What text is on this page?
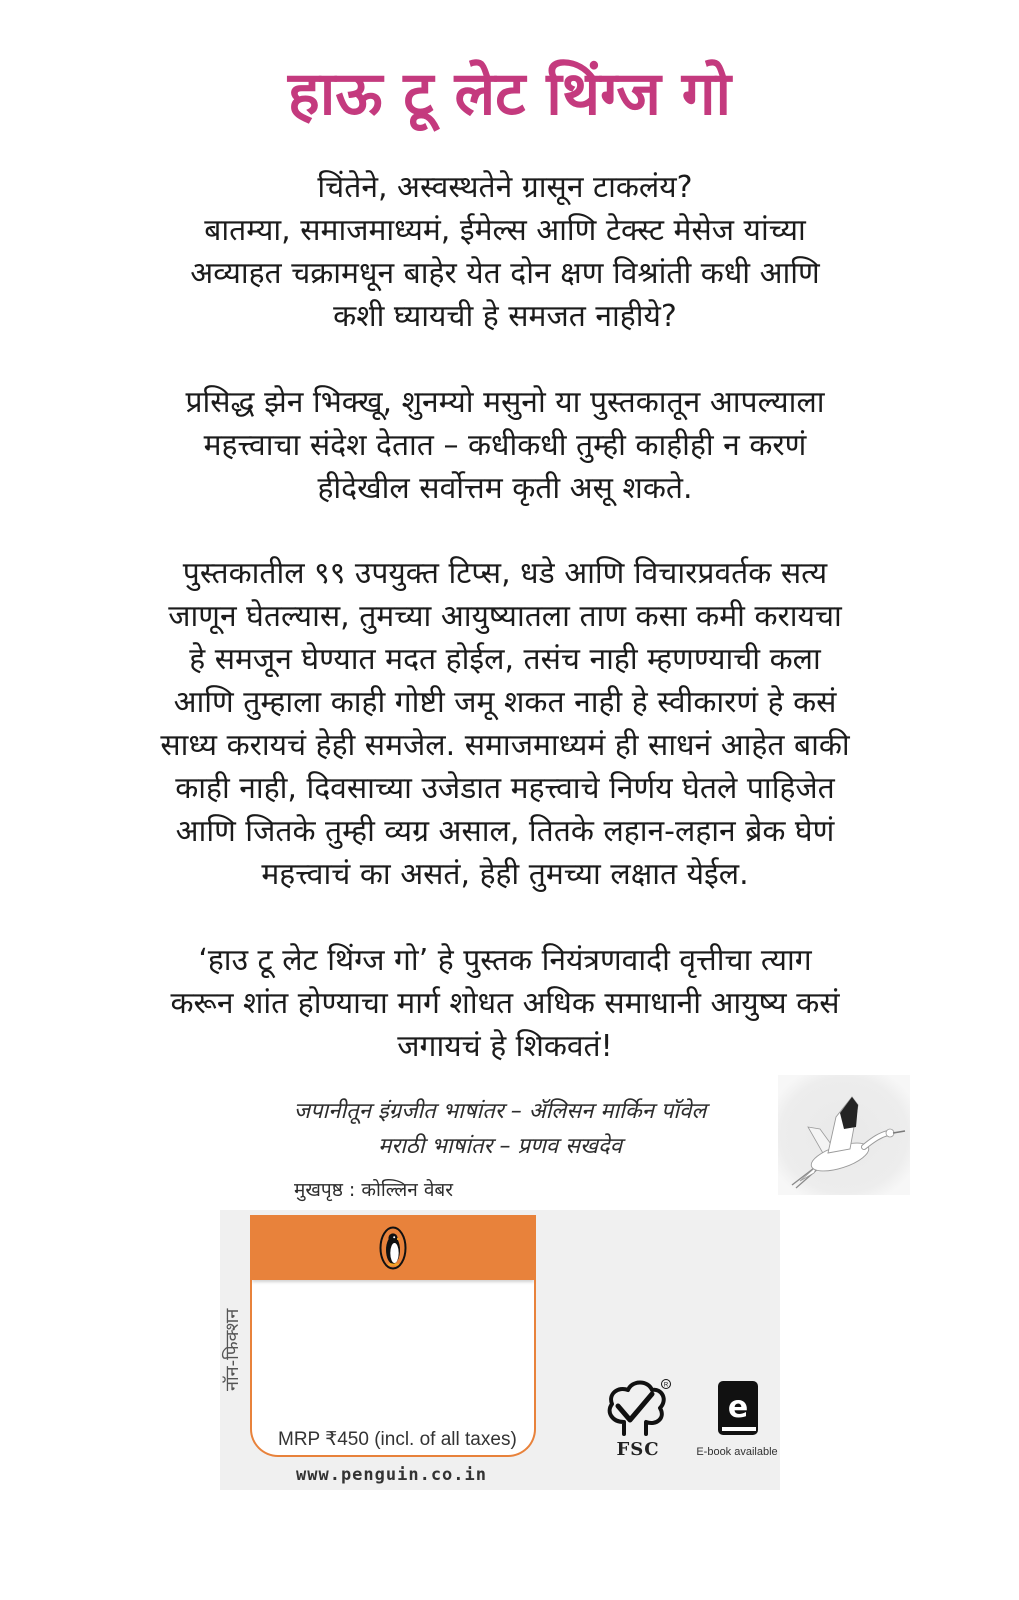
हाऊ टू लेट थिंग्ज गो
चिंतेने, अस्वस्थतेने ग्रासून टाकलंय?
बातम्या, समाजमाध्यमं, ईमेल्स आणि टेक्स्ट मेसेज यांच्या
अव्याहत चक्रामधून बाहेर येत दोन क्षण विश्रांती कधी आणि
कशी घ्यायची हे समजत नाहीये?
प्रसिद्ध झेन भिक्खू, शुनम्यो मसुनो या पुस्तकातून आपल्याला
महत्त्वाचा संदेश देतात – कधीकधी तुम्ही काहीही न करणं
हीदेखील सर्वोत्तम कृती असू शकते.
पुस्तकातील ९९ उपयुक्त टिप्स, धडे आणि विचारप्रवर्तक सत्य
जाणून घेतल्यास, तुमच्या आयुष्यातला ताण कसा कमी करायचा
हे समजून घेण्यात मदत होईल, तसंच नाही म्हणण्याची कला
आणि तुम्हाला काही गोष्टी जमू शकत नाही हे स्वीकारणं हे कसं
साध्य करायचं हेही समजेल. समाजमाध्यमं ही साधनं आहेत बाकी
काही नाही, दिवसाच्या उजेडात महत्त्वाचे निर्णय घेतले पाहिजेत
आणि जितके तुम्ही व्यग्र असाल, तितके लहान-लहान ब्रेक घेणं
महत्त्वाचं का असतं, हेही तुमच्या लक्षात येईल.
‘हाउ टू लेट थिंग्ज गो’ हे पुस्तक नियंत्रणवादी वृत्तीचा त्याग
करून शांत होण्याचा मार्ग शोधत अधिक समाधानी आयुष्य कसं
जगायचं हे शिकवतं!
जपानीतून इंग्रजीत भाषांतर – ॲलिसन मार्किन पॉवेल
मराठी भाषांतर – प्रणव सखदेव
मुखपृष्ठ : कोल्लिन वेबर
नॉन-फिक्शन
MRP ₹450 (incl. of all taxes)
www.penguin.co.in
R
FSC
e
E-book available
